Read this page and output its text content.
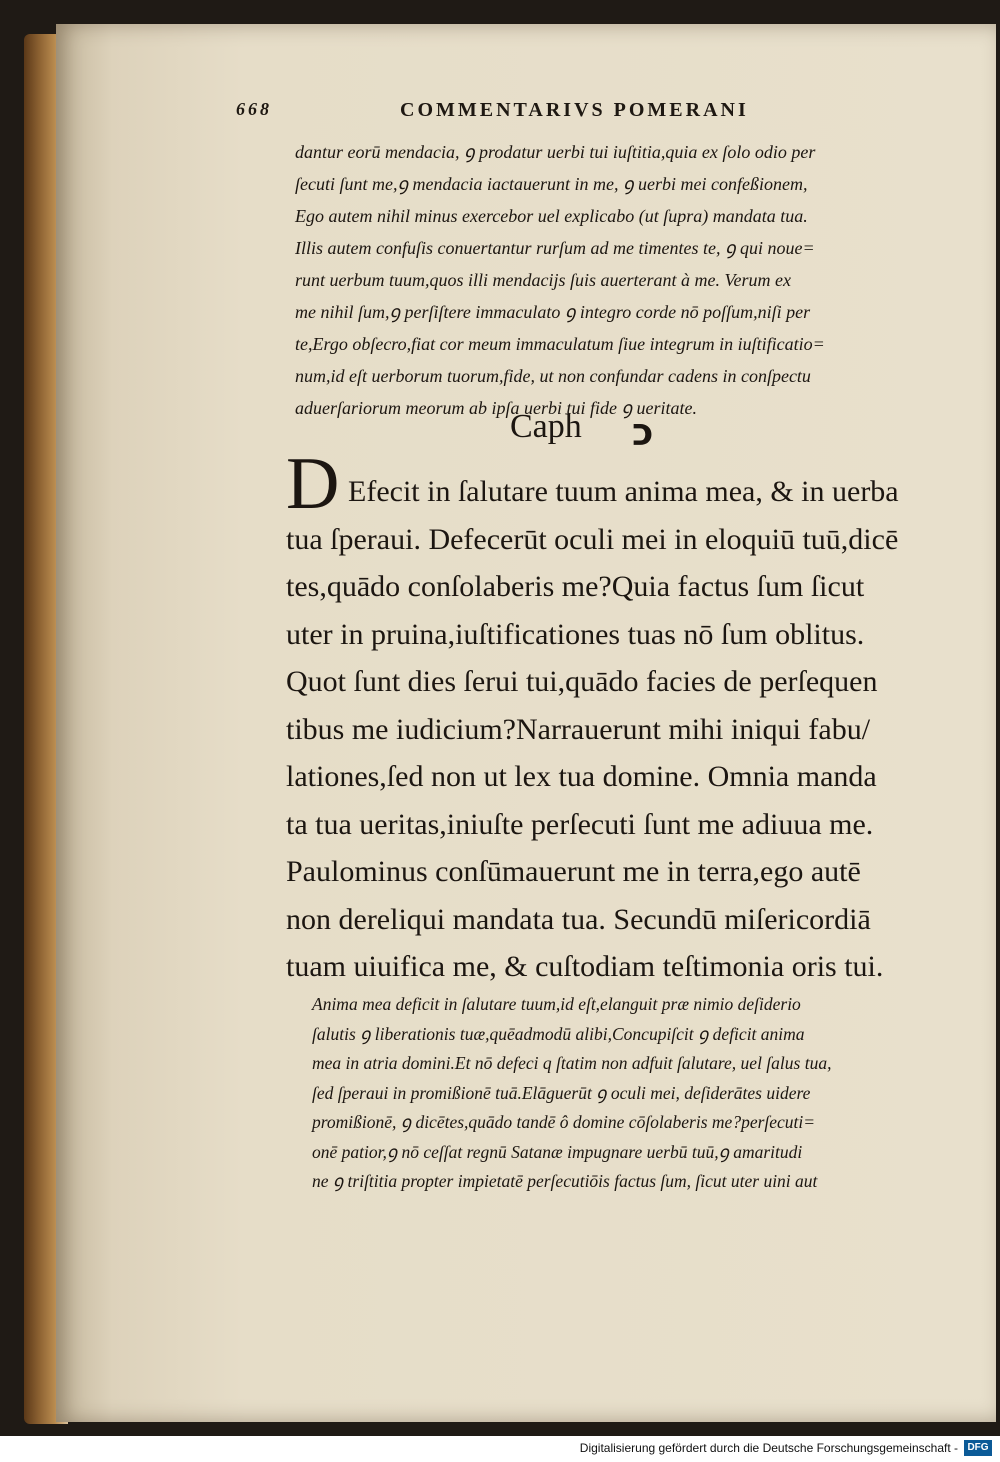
668	COMMENTARIVS POMERANI
dantur eorū mendacia, ꝯ prodatur uerbi tui iuſtitia,quia ex ſolo odio per
ſecuti ſunt me,ꝯ mendacia iactauerunt in me, ꝯ uerbi mei confeßionem,
Ego autem nihil minus exercebor uel explicabo (ut ſupra) mandata tua.
Illis autem confuſis conuertantur rurſum ad me timentes te, ꝯ qui noue=
runt uerbum tuum,quos illi mendacijs ſuis auerterant à me. Verum ex
me nihil ſum,ꝯ perſiſtere immaculato ꝯ integro corde nō poſſum,niſi per
te,Ergo obſecro,fiat cor meum immaculatum ſiue integrum in iuſtificatio=
num,id eſt uerborum tuorum,fide, ut non confundar cadens in conſpectu
aduerſariorum meorum ab ipſa uerbi tui fide ꝯ ueritate.
Caph כ
D Efecit in ſalutare tuum anima mea, & in uerba
tua ſperaui. Defecerūt oculi mei in eloquiū tuū,dicē
tes,quādo conſolaberis me?Quia factus ſum ſicut
uter in pruina,iuſtificationes tuas nō ſum oblitus.
Quot ſunt dies ſerui tui,quādo facies de perſequen
tibus me iudicium?Narrauerunt mihi iniqui fabu/
lationes,ſed non ut lex tua domine. Omnia manda
ta tua ueritas,iniuſte perſecuti ſunt me adiuua me.
Paulominus conſūmauerunt me in terra,ego autē
non dereliqui mandata tua. Secundū miſericordiā
tuam uiuifica me, & cuſtodiam teſtimonia oris tui.
Anima mea deficit in ſalutare tuum,id eſt,elanguit præ nimio deſiderio
ſalutis ꝯ liberationis tuæ,quēadmodū alibi,Concupiſcit ꝯ deficit anima
mea in atria domini.Et nō defeci q ſtatim non adfuit ſalutare, uel ſalus tua,
ſed ſperaui in promißionē tuā.Elāguerūt ꝯ oculi mei, deſiderātes uidere
promißionē, ꝯ dicētes,quādo tandē ô domine cōſolaberis me?perſecuti=
onē patior,ꝯ nō ceſſat regnū Satanæ impugnare uerbū tuū,ꝯ amaritudi
ne ꝯ triſtitia propter impietatē perſecutiōis factus ſum, ſicut uter uini aut
Digitalisierung gefördert durch die Deutsche Forschungsgemeinschaft - DFG
